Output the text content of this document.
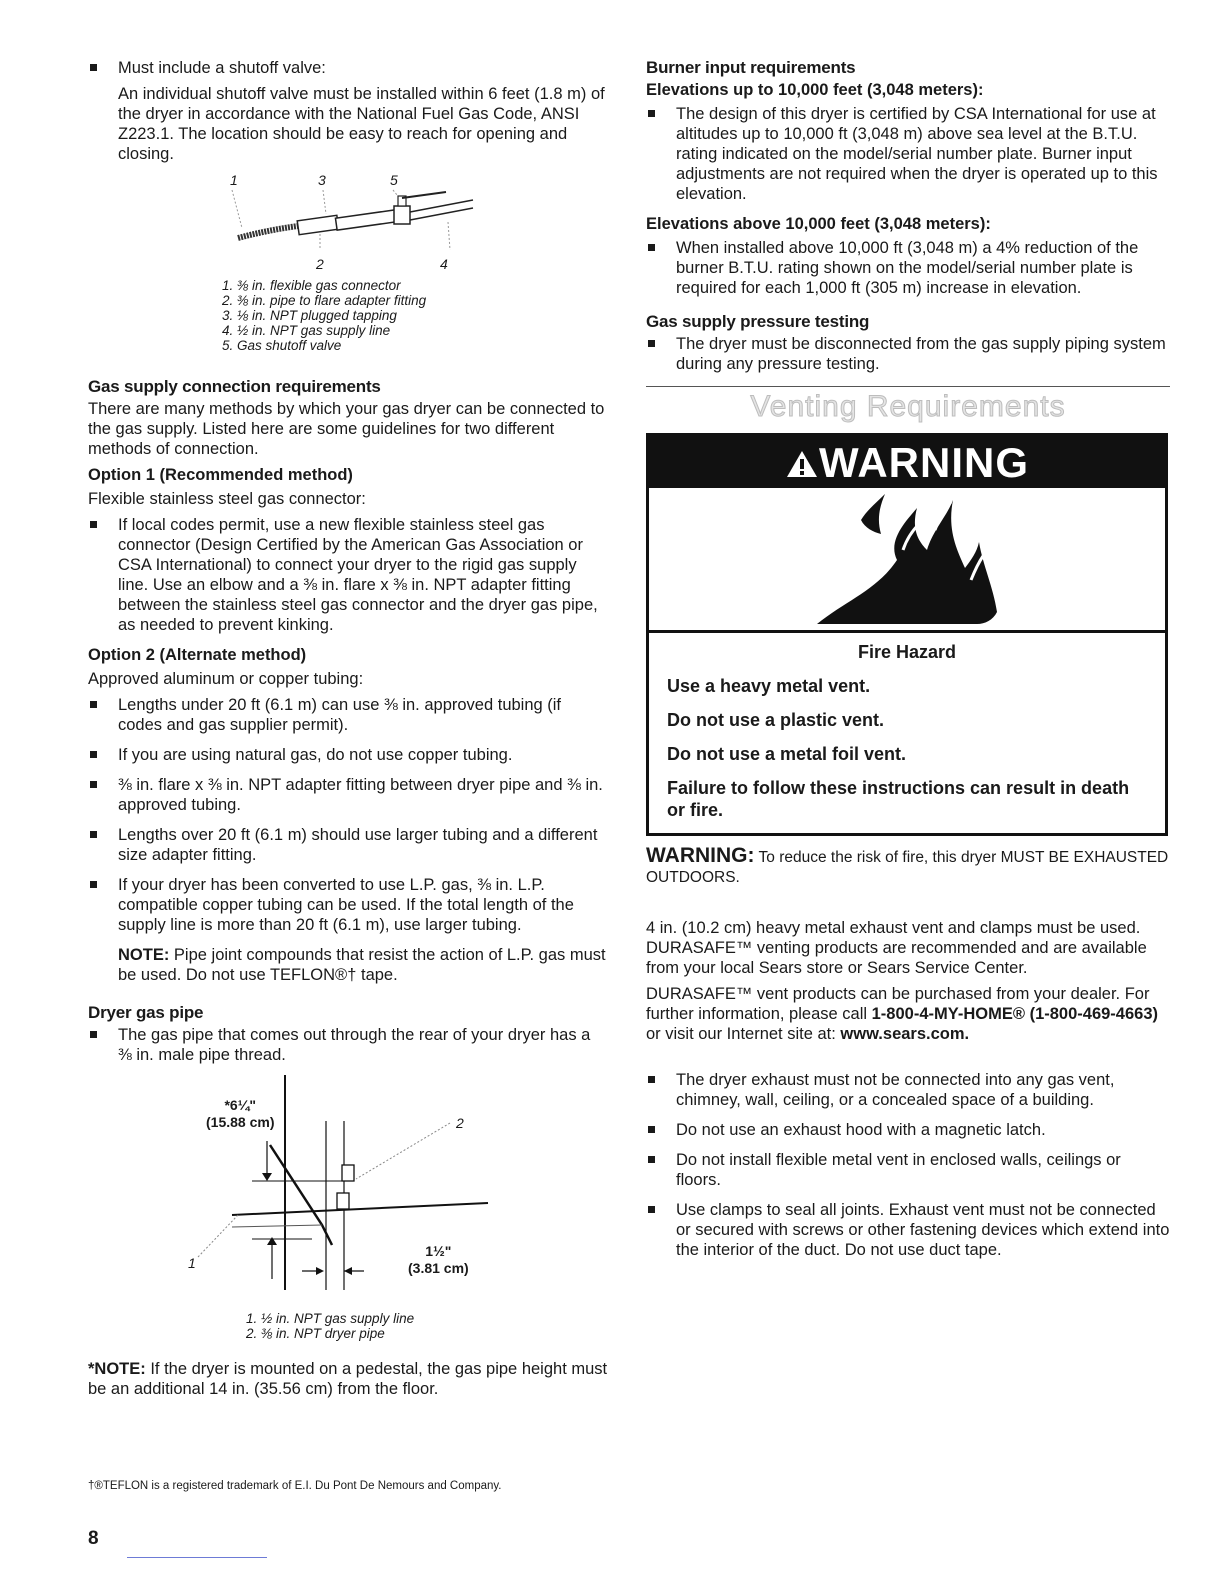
Must include a shutoff valve:

An individual shutoff valve must be installed within 6 feet (1.8 m) of the dryer in accordance with the National Fuel Gas Code, ANSI Z223.1. The location should be easy to reach for opening and closing.

1	3	5
2	4
1. ⅜ in. flexible gas connector
2. ⅜ in. pipe to flare adapter fitting
3. ⅛ in. NPT plugged tapping
4. ½ in. NPT gas supply line
5. Gas shutoff valve
Gas supply connection requirements

There are many methods by which your gas dryer can be connected to the gas supply. Listed here are some guidelines for two different methods of connection.

Option 1 (Recommended method)

Flexible stainless steel gas connector:

If local codes permit, use a new flexible stainless steel gas connector (Design Certified by the American Gas Association or CSA International) to connect your dryer to the rigid gas supply line. Use an elbow and a ⅜ in. flare x ⅜ in. NPT adapter fitting between the stainless steel gas connector and the dryer gas pipe, as needed to prevent kinking.
Option 2 (Alternate method)

Approved aluminum or copper tubing:

Lengths under 20 ft (6.1 m) can use ⅜ in. approved tubing (if codes and gas supplier permit).
If you are using natural gas, do not use copper tubing.
⅜ in. flare x ⅜ in. NPT adapter fitting between dryer pipe and ⅜ in. approved tubing.
Lengths over 20 ft (6.1 m) should use larger tubing and a different size adapter fitting.
If your dryer has been converted to use L.P. gas, ⅜ in. L.P. compatible copper tubing can be used. If the total length of the supply line is more than 20 ft (6.1 m), use larger tubing.

NOTE: Pipe joint compounds that resist the action of L.P. gas must be used. Do not use TEFLON®† tape.

Dryer gas pipe
The gas pipe that comes out through the rear of your dryer has a ⅜ in. male pipe thread.
*6¼"
(15.88 cm)	2
1
1½"
(3.81 cm)
1. ½ in. NPT gas supply line
2. ⅜ in. NPT dryer pipe

*NOTE: If the dryer is mounted on a pedestal, the gas pipe height must be an additional 14 in. (35.56 cm) from the floor.

Burner input requirements
Elevations up to 10,000 feet (3,048 meters):
The design of this dryer is certified by CSA International for use at altitudes up to 10,000 ft (3,048 m) above sea level at the B.T.U. rating indicated on the model/serial number plate. Burner input adjustments are not required when the dryer is operated up to this elevation.
Elevations above 10,000 feet (3,048 meters):
When installed above 10,000 ft (3,048 m) a 4% reduction of the burner B.T.U. rating shown on the model/serial number plate is required for each 1,000 ft (305 m) increase in elevation.
Gas supply pressure testing
The dryer must be disconnected from the gas supply piping system during any pressure testing.
Venting Requirements
WARNING
Fire Hazard
Use a heavy metal vent.
Do not use a plastic vent.
Do not use a metal foil vent.
Failure to follow these instructions can result in death or fire.

WARNING: To reduce the risk of fire, this dryer MUST BE EXHAUSTED OUTDOORS.

4 in. (10.2 cm) heavy metal exhaust vent and clamps must be used. DURASAFE™ venting products are recommended and are available from your local Sears store or Sears Service Center.

DURASAFE™ vent products can be purchased from your dealer. For further information, please call 1-800-4-MY-HOME® (1-800-469-4663) or visit our Internet site at: www.sears.com.

The dryer exhaust must not be connected into any gas vent, chimney, wall, ceiling, or a concealed space of a building.
Do not use an exhaust hood with a magnetic latch.
Do not install flexible metal vent in enclosed walls, ceilings or floors.
Use clamps to seal all joints. Exhaust vent must not be connected or secured with screws or other fastening devices which extend into the interior of the duct. Do not use duct tape.
†®TEFLON is a registered trademark of E.I. Du Pont De Nemours and Company.
8
